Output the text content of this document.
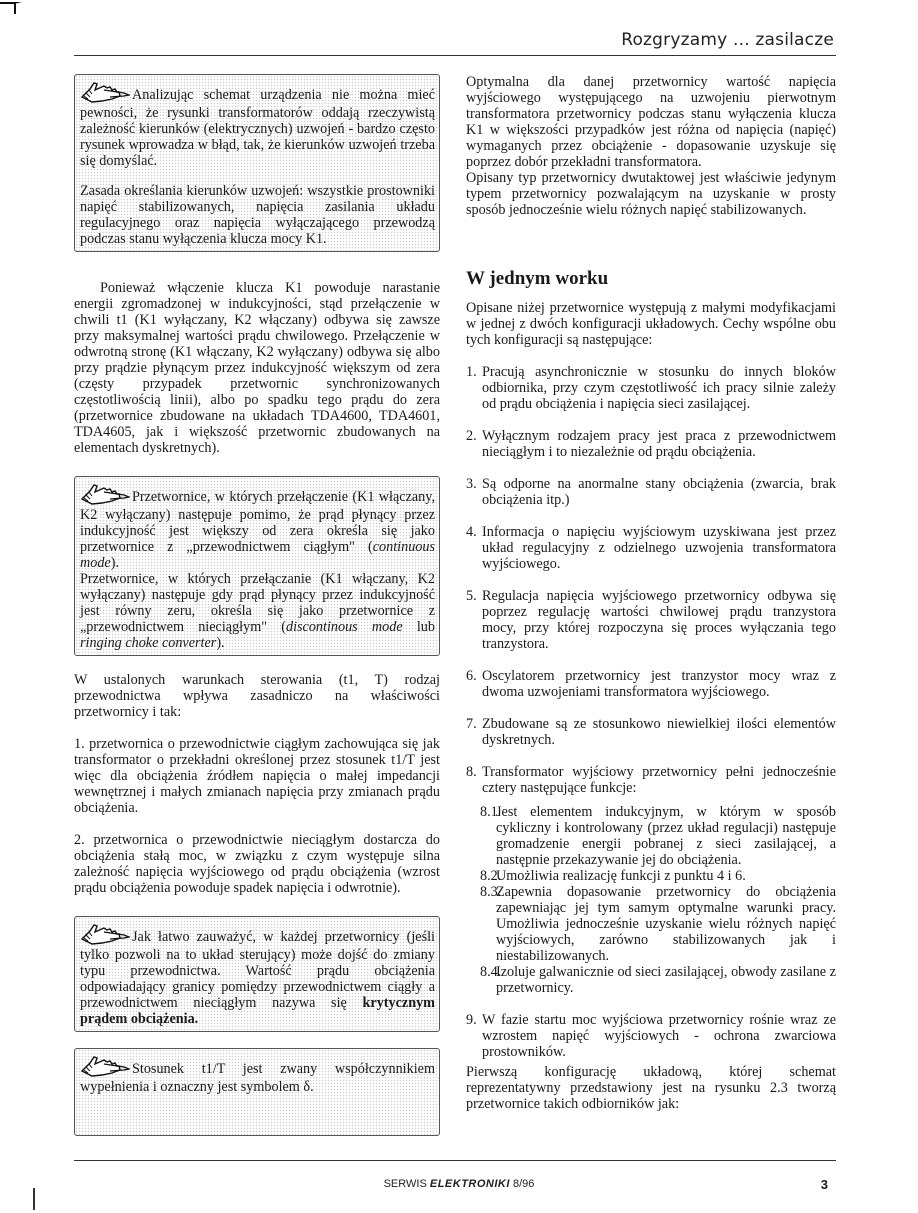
Rozgryzamy ... zasilacze

Analizując schemat urządzenia nie można mieć pewności, że rysunki transformatorów oddają rzeczywistą zależność kierunków (elektrycznych) uzwojeń - bardzo często rysunek wprowadza w błąd, tak, że kierunków uzwojeń trzeba się domyślać.

Zasada określania kierunków uzwojeń: wszystkie prostowniki napięć stabilizowanych, napięcia zasilania układu regulacyjnego oraz napięcia wyłączającego przewodzą podczas stanu wyłączenia klucza mocy K1.

Ponieważ włączenie klucza K1 powoduje narastanie energii zgromadzonej w indukcyjności, stąd przełączenie w chwili t1 (K1 wyłączany, K2 włączany) odbywa się zawsze przy maksymalnej wartości prądu chwilowego. Przełączenie w odwrotną stronę (K1 włączany, K2 wyłączany) odbywa się albo przy prądzie płynącym przez indukcyjność większym od zera (częsty przypadek przetwornic synchronizowanych częstotliwością linii), albo po spadku tego prądu do zera (przetwornice zbudowane na układach TDA4600, TDA4601, TDA4605, jak i większość przetwornic zbudowanych na elementach dyskretnych).

Przetwornice, w których przełączenie (K1 włączany, K2 wyłączany) następuje pomimo, że prąd płynący przez indukcyjność jest większy od zera określa się jako przetwornice z „przewodnictwem ciągłym" (continuous mode).

Przetwornice, w których przełączanie (K1 włączany, K2 wyłączany) następuje gdy prąd płynący przez indukcyjność jest równy zeru, określa się jako przetwornice z „przewodnictwem nieciągłym" (discontinous mode lub ringing choke converter).

W ustalonych warunkach sterowania (t1, T) rodzaj przewodnictwa wpływa zasadniczo na właściwości przetwornicy i tak:

1. przetwornica o przewodnictwie ciągłym zachowująca się jak transformator o przekładni określonej przez stosunek t1/T jest więc dla obciążenia źródłem napięcia o małej impedancji wewnętrznej i małych zmianach napięcia przy zmianach prądu obciążenia.

2. przetwornica o przewodnictwie nieciągłym dostarcza do obciążenia stałą moc, w związku z czym występuje silna zależność napięcia wyjściowego od prądu obciążenia (wzrost prądu obciążenia powoduje spadek napięcia i odwrotnie).

Jak łatwo zauważyć, w każdej przetwornicy (jeśli tylko pozwoli na to układ sterujący) może dojść do zmiany typu przewodnictwa. Wartość prądu obciążenia odpowiadający granicy pomiędzy przewodnictwem ciągły a przewodnictwem nieciągłym nazywa się krytycznym prądem obciążenia.

Stosunek t1/T jest zwany współczynnikiem wypełnienia i oznaczny jest symbolem δ.

Optymalna dla danej przetwornicy wartość napięcia wyjściowego występującego na uzwojeniu pierwotnym transformatora przetwornicy podczas stanu wyłączenia klucza K1 w większości przypadków jest różna od napięcia (napięć) wymaganych przez obciążenie - dopasowanie uzyskuje się poprzez dobór przekładni transformatora.

Opisany typ przetwornicy dwutaktowej jest właściwie jedynym typem przetwornicy pozwalającym na uzyskanie w prosty sposób jednocześnie wielu różnych napięć stabilizowanych.

W jednym worku

Opisane niżej przetwornice występują z małymi modyfikacjami w jednej z dwóch konfiguracji układowych. Cechy wspólne obu tych konfiguracji są następujące:

1. Pracują asynchronicznie w stosunku do innych bloków odbiornika, przy czym częstotliwość ich pracy silnie zależy od prądu obciążenia i napięcia sieci zasilającej.
2. Wyłącznym rodzajem pracy jest praca z przewodnictwem nieciągłym i to niezależnie od prądu obciążenia.
3. Są odporne na anormalne stany obciążenia (zwarcia, brak obciążenia itp.)
4. Informacja o napięciu wyjściowym uzyskiwana jest przez układ regulacyjny z odzielnego uzwojenia transformatora wyjściowego.
5. Regulacja napięcia wyjściowego przetwornicy odbywa się poprzez regulację wartości chwilowej prądu tranzystora mocy, przy której rozpoczyna się proces wyłączania tego tranzystora.
6. Oscylatorem przetwornicy jest tranzystor mocy wraz z dwoma uzwojeniami transformatora wyjściowego.
7. Zbudowane są ze stosunkowo niewielkiej ilości elementów dyskretnych.
8. Transformator wyjściowy przetwornicy pełni jednocześnie cztery następujące funkcje:
8.1.
Jest elementem indukcyjnym, w którym w sposób cykliczny i kontrolowany (przez układ regulacji) następuje gromadzenie energii pobranej z sieci zasilającej, a następnie przekazywanie jej do obciążenia.
8.2.
Umożliwia realizację funkcji z punktu 4 i 6.
8.3.
Zapewnia dopasowanie przetwornicy do obciążenia zapewniając jej tym samym optymalne warunki pracy. Umożliwia jednocześnie uzyskanie wielu różnych napięć wyjściowych, zarówno stabilizowanych jak i niestabilizowanych.
8.4.
Izoluje galwanicznie od sieci zasilającej, obwody zasilane z przetwornicy.
9. W fazie startu moc wyjściowa przetwornicy rośnie wraz ze wzrostem napięć wyjściowych - ochrona zwarciowa prostowników.

Pierwszą konfigurację układową, której schemat reprezentatywny przedstawiony jest na rysunku 2.3 tworzą przetwornice takich odbiorników jak:

SERWIS ELEKTRONIKI 8/96	3
